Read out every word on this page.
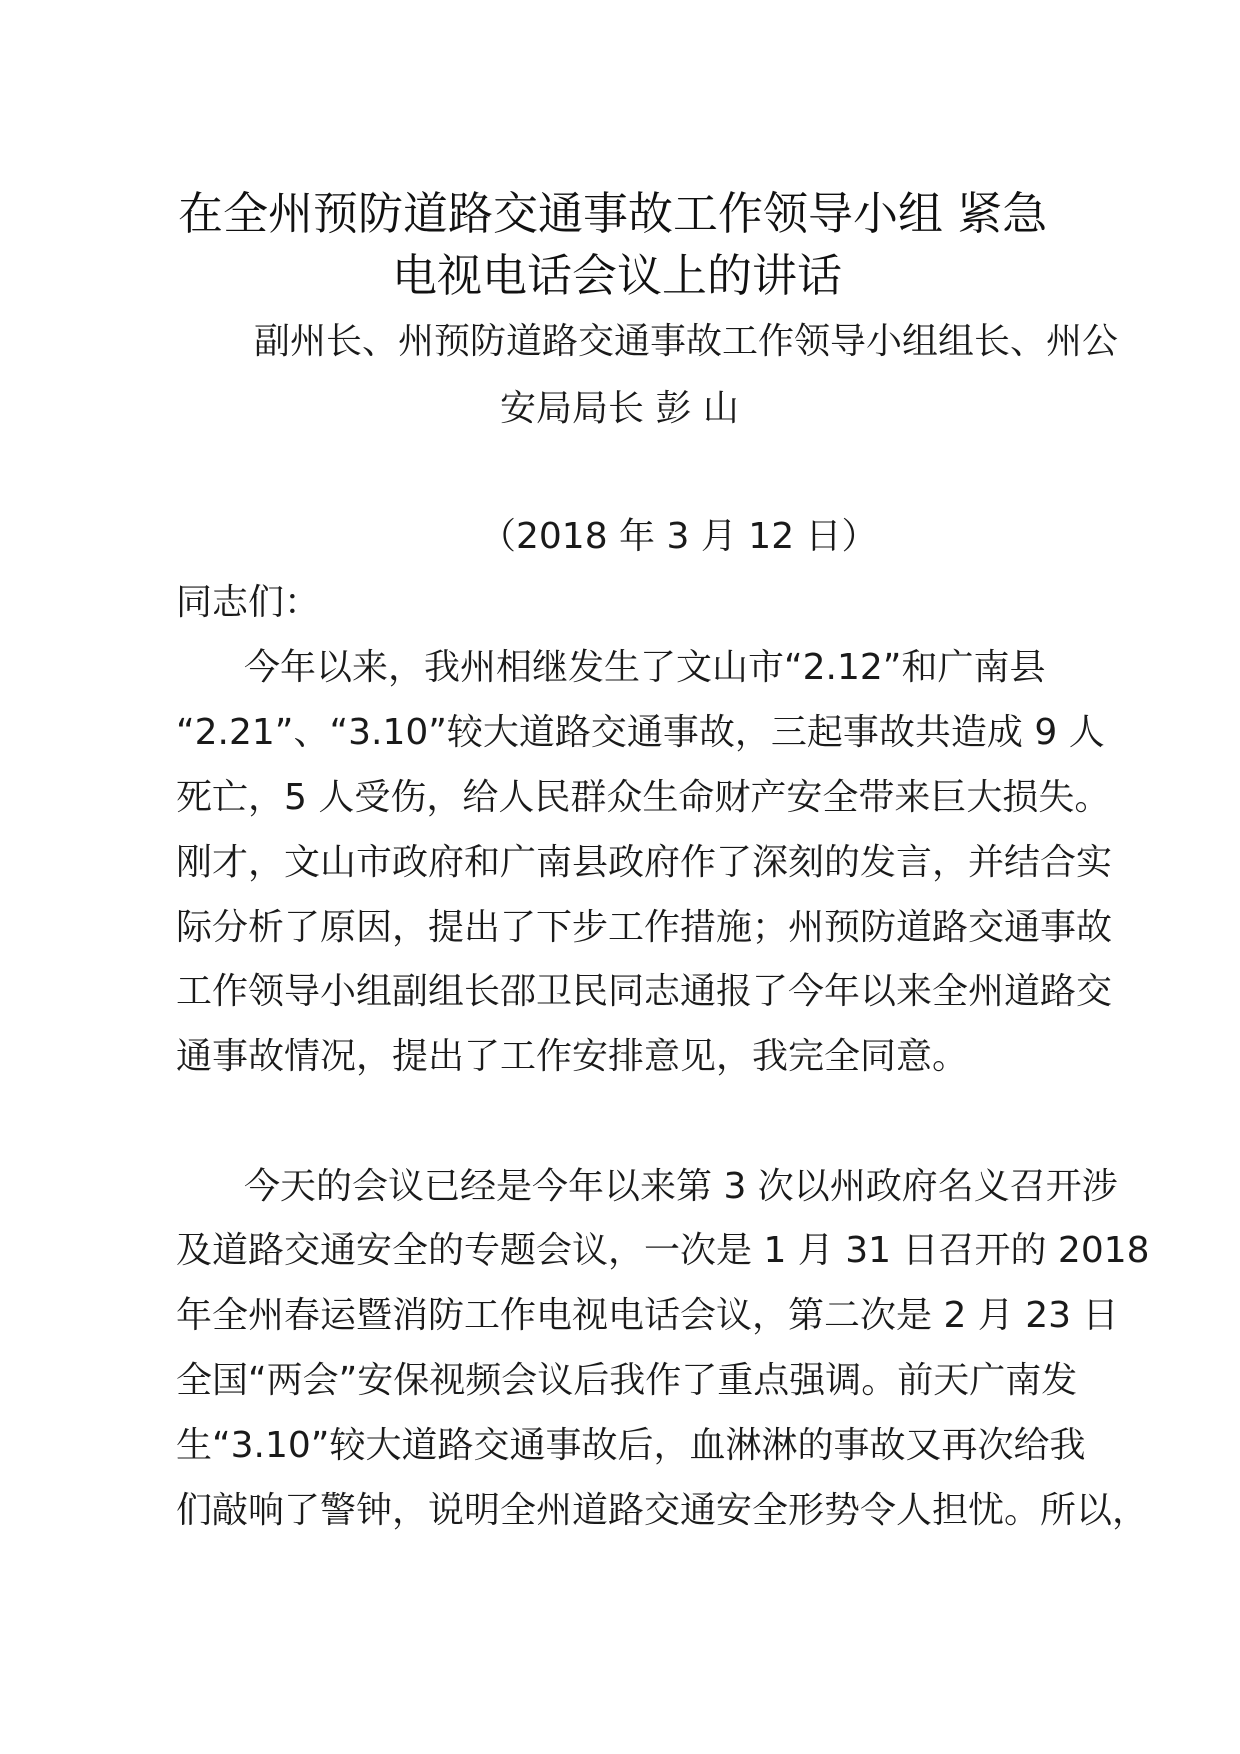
在全州预防道路交通事故工作领导小组 紧急
电视电话会议上的讲话
副州长、州预防道路交通事故工作领导小组组长、州公
安局局长 彭 山
（2018 年 3 月 12 日）
同志们：
今年以来，我州相继发生了文山市“2.12”和广南县
“2.21”、“3.10”较大道路交通事故，三起事故共造成 9 人
死亡，5 人受伤，给人民群众生命财产安全带来巨大损失。
刚才，文山市政府和广南县政府作了深刻的发言，并结合实
际分析了原因，提出了下步工作措施；州预防道路交通事故
工作领导小组副组长邵卫民同志通报了今年以来全州道路交
通事故情况，提出了工作安排意见，我完全同意。
今天的会议已经是今年以来第 3 次以州政府名义召开涉
及道路交通安全的专题会议，一次是 1 月 31 日召开的 2018
年全州春运暨消防工作电视电话会议，第二次是 2 月 23 日
全国“两会”安保视频会议后我作了重点强调。前天广南发
生“3.10”较大道路交通事故后，血淋淋的事故又再次给我
们敲响了警钟，说明全州道路交通安全形势令人担忧。所以，
